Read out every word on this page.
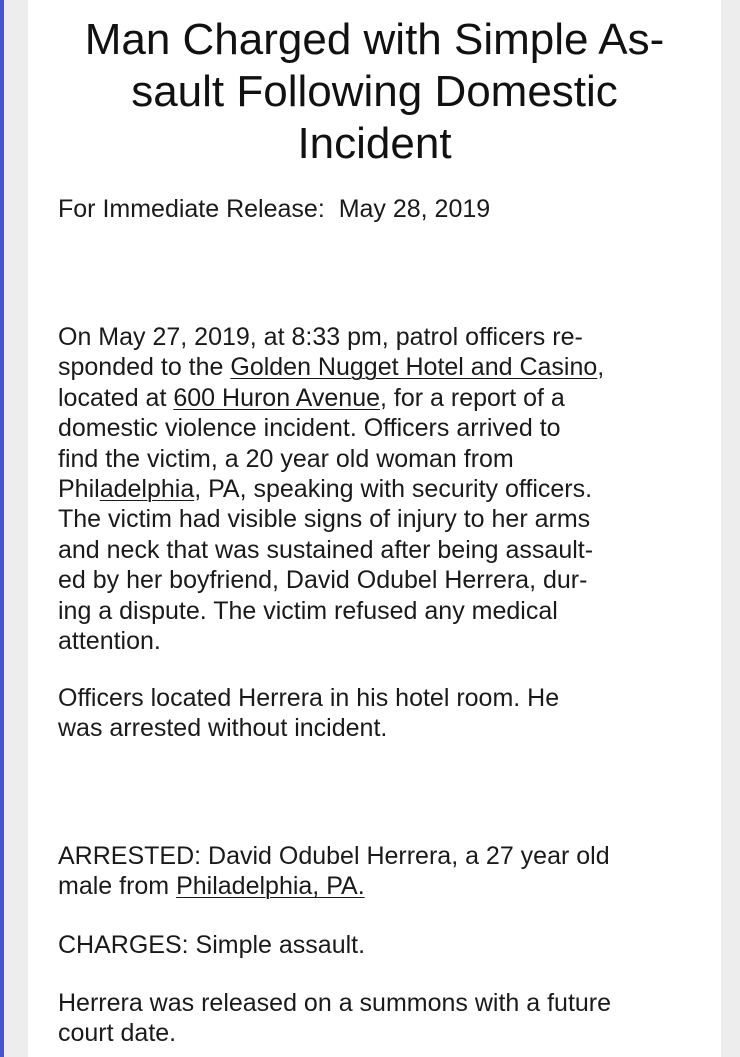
Man Charged with Simple As-
sault Following Domestic
Incident

For Immediate Release: May 28, 2019

On May 27, 2019, at 8:33 pm, patrol officers re-
sponded to the Golden Nugget Hotel and Casino,
located at 600 Huron Avenue, for a report of a
domestic violence incident. Officers arrived to
find the victim, a 20 year old woman from
Philadelphia, PA, speaking with security officers.
The victim had visible signs of injury to her arms
and neck that was sustained after being assault-
ed by her boyfriend, David Odubel Herrera, dur-
ing a dispute. The victim refused any medical
attention.

Officers located Herrera in his hotel room. He
was arrested without incident.

ARRESTED: David Odubel Herrera, a 27 year old
male from Philadelphia, PA.

CHARGES: Simple assault.

Herrera was released on a summons with a future
court date.
